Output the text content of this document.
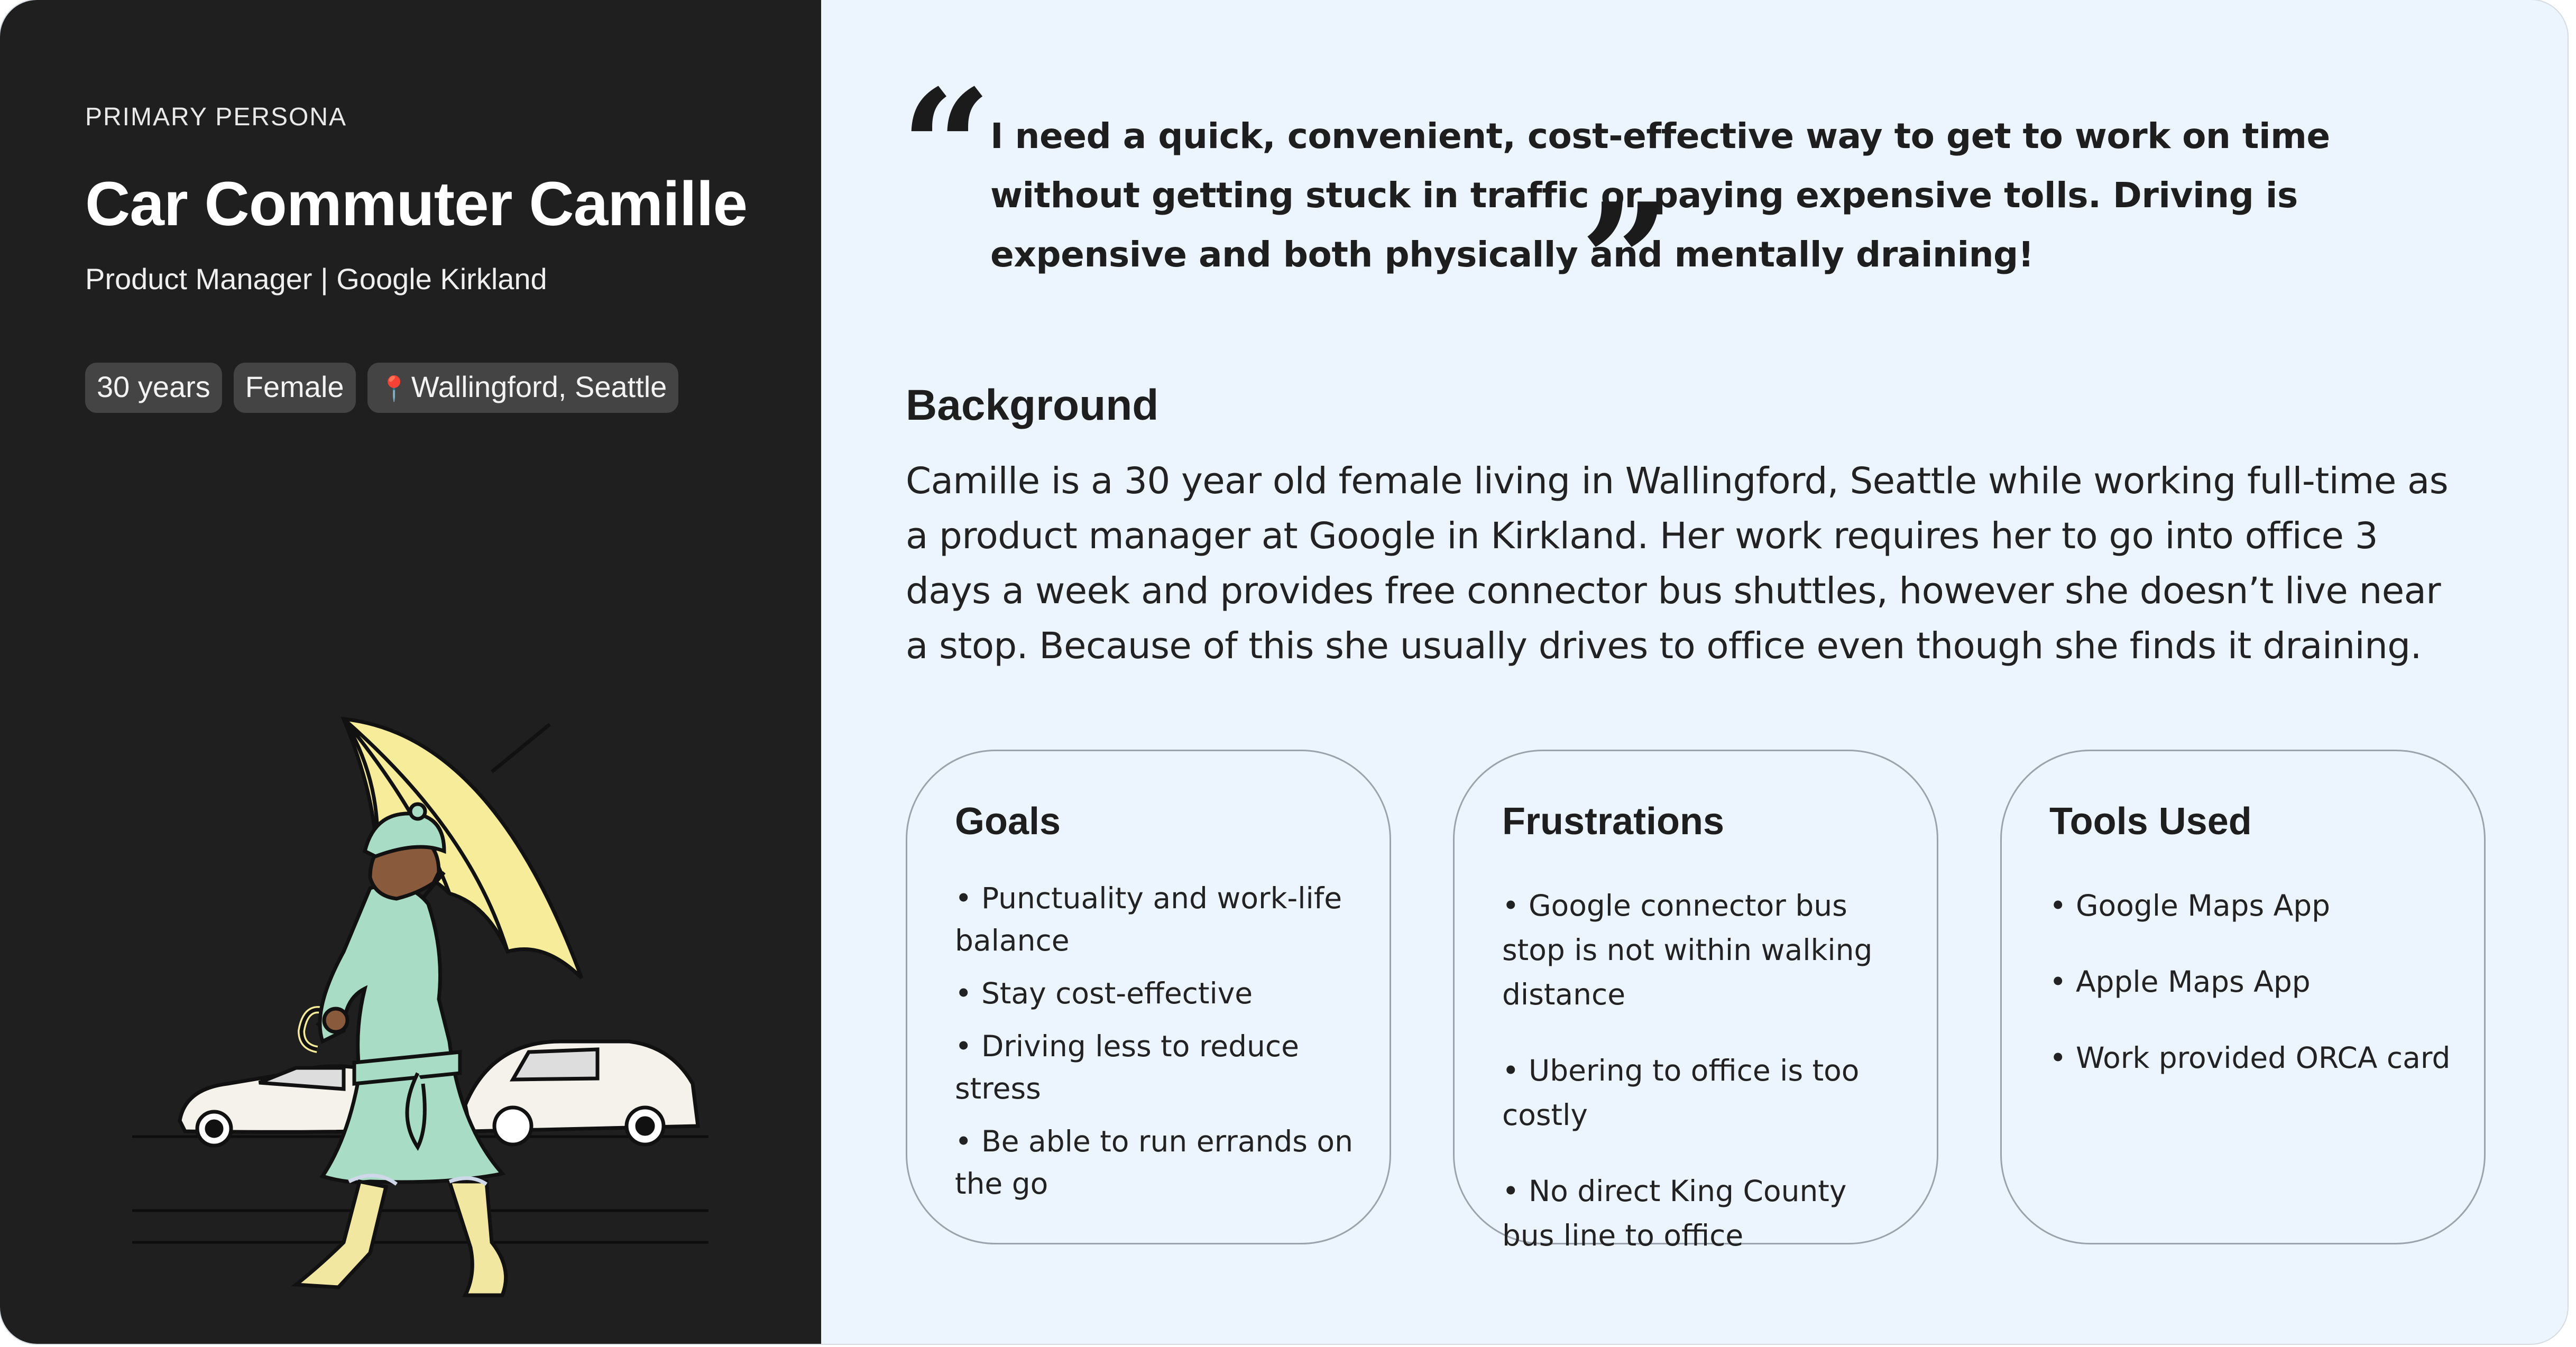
PRIMARY PERSONA
Car Commuter Camille
Product Manager | Google Kirkland
30 years	Female	📍Wallingford, Seattle
“
I need a quick, convenient, cost-effective way to get to work on time without getting stuck in traffic or paying expensive tolls. Driving is expensive and both physically and mentally draining!
”
Background
Camille is a 30 year old female living in Wallingford, Seattle while working full-time as a product manager at Google in Kirkland. Her work requires her to go into office 3 days a week and provides free connector bus shuttles, however she doesn’t live near a stop. Because of this she usually drives to office even though she finds it draining.
Goals
• Punctuality and work-life balance
• Stay cost-effective
• Driving less to reduce stress
• Be able to run errands on the go
Frustrations
• Google connector bus stop is not within walking distance
• Ubering to office is too costly
• No direct King County bus line to office
Tools Used
• Google Maps App
• Apple Maps App
• Work provided ORCA card
